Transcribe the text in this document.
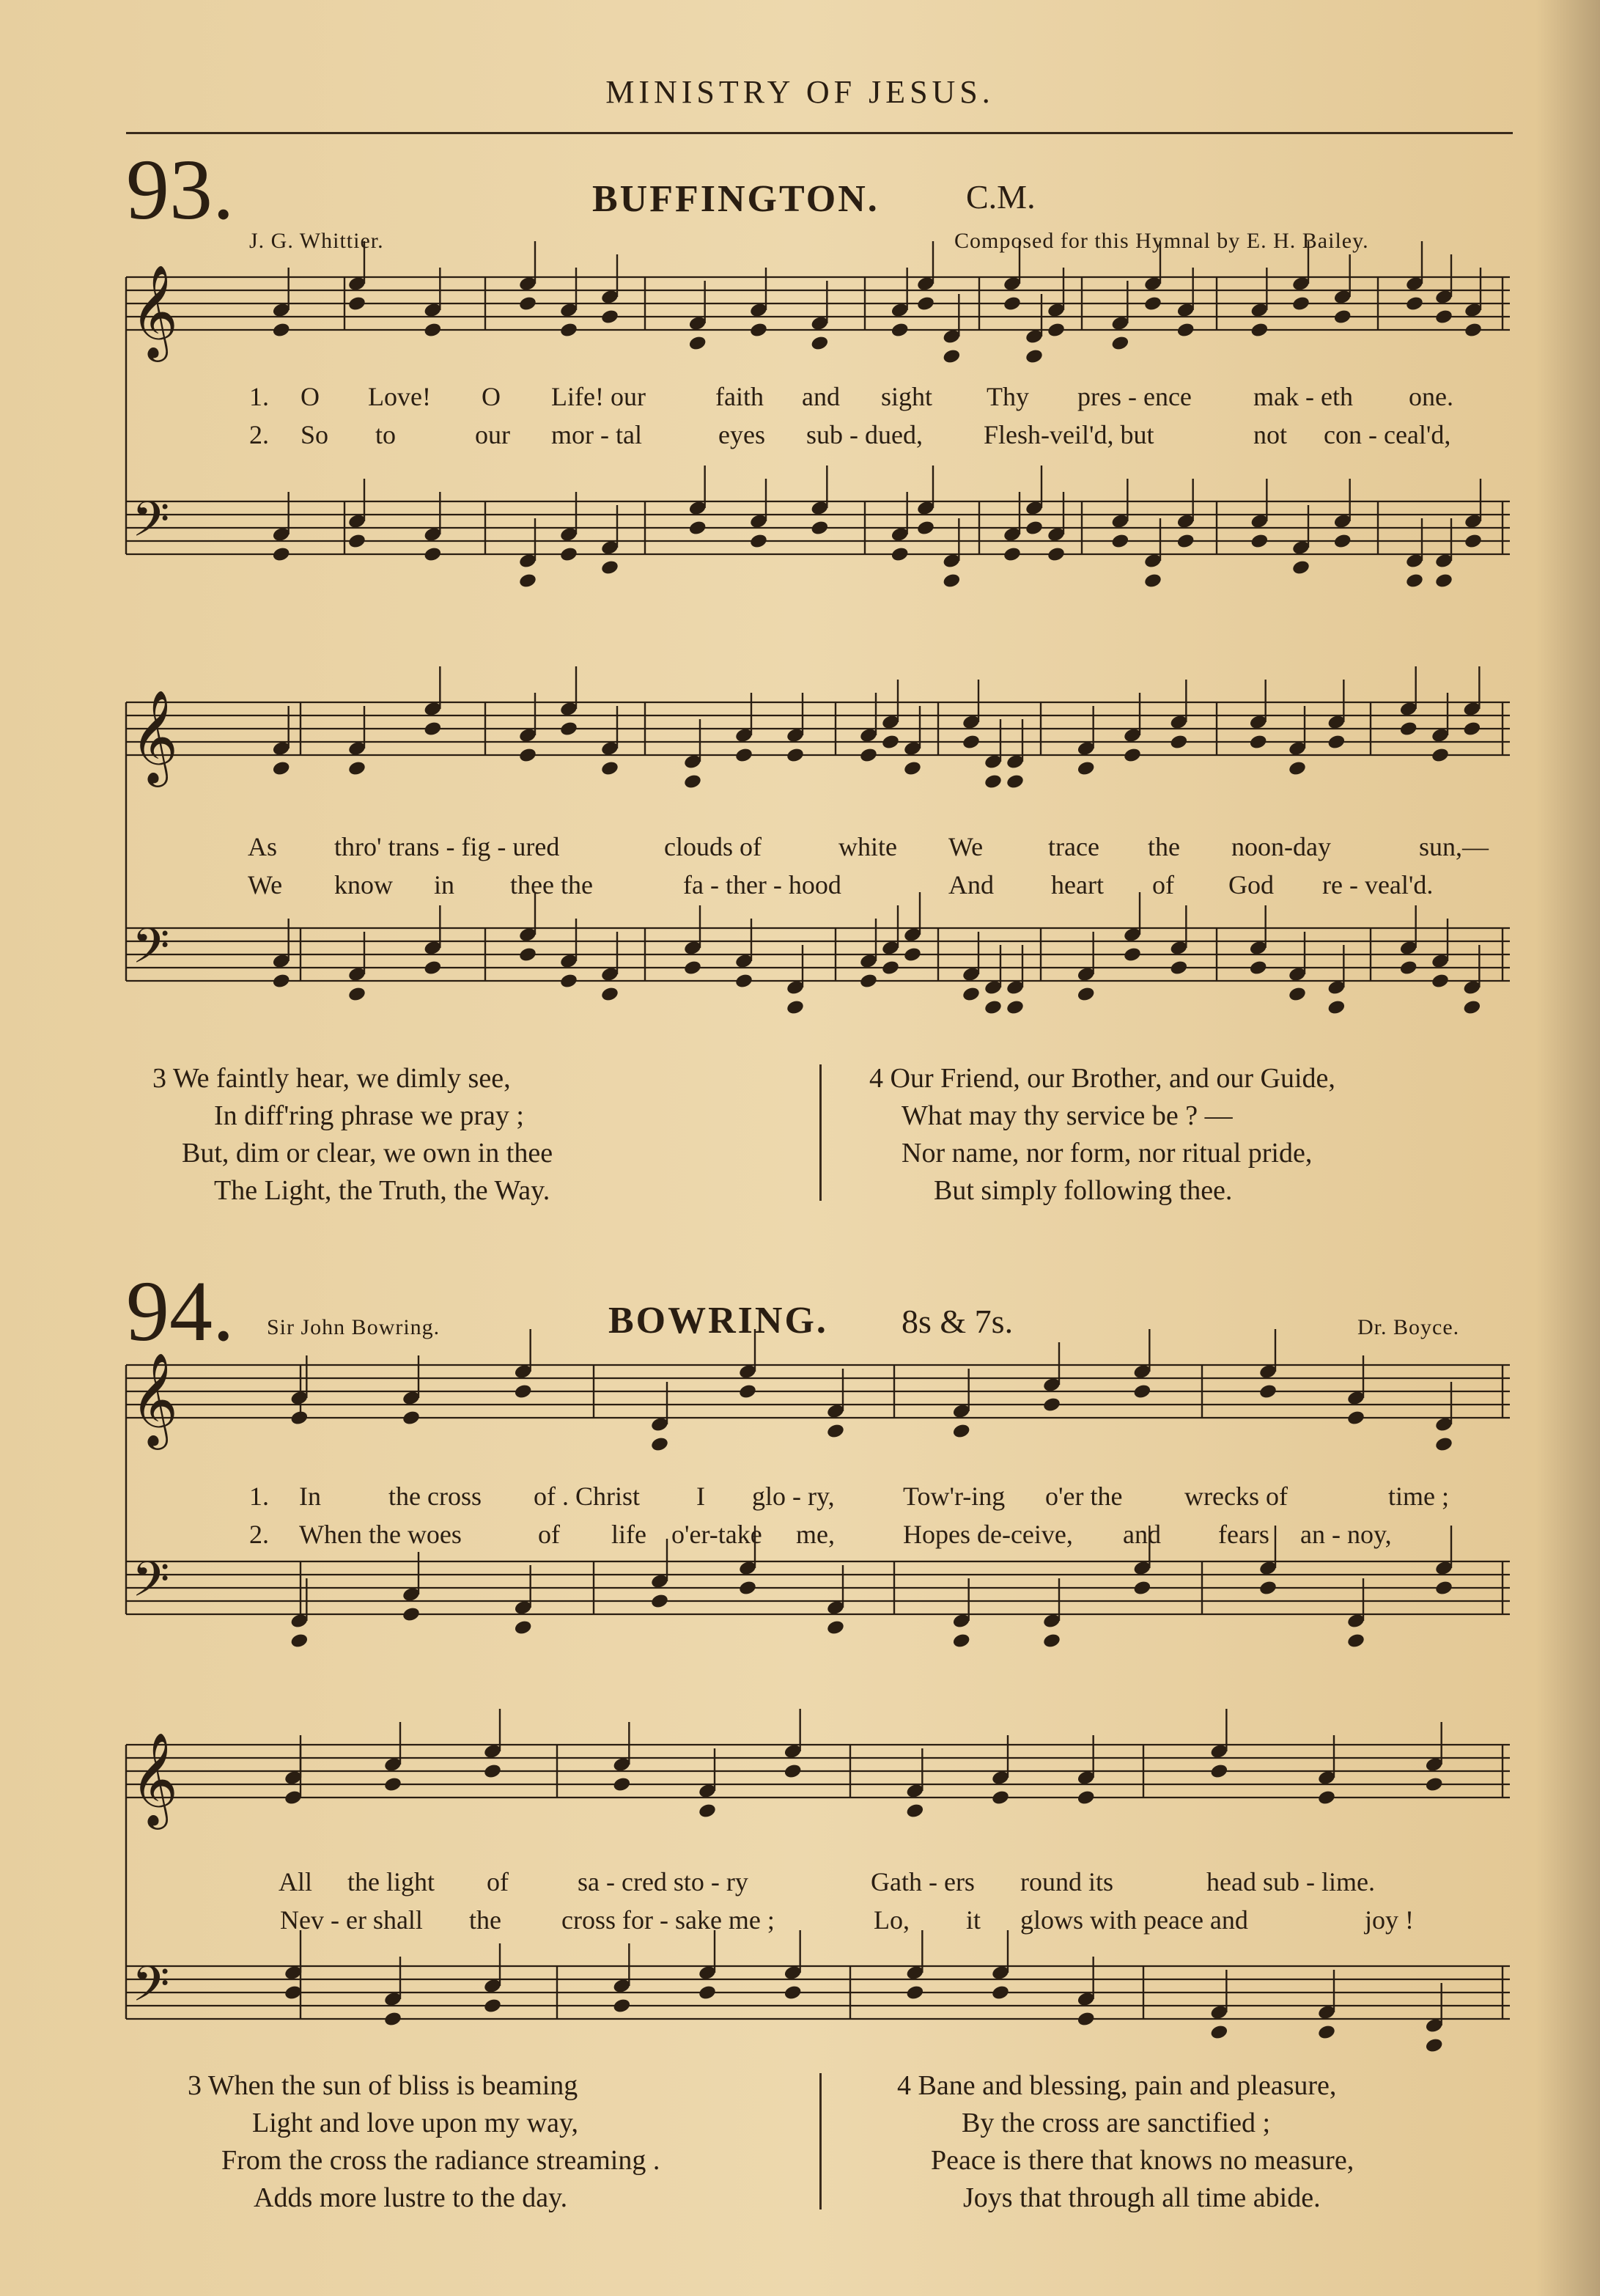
MINISTRY OF JESUS.
93.	BUFFINGTON.	C.M.
J. G. Whittier.	Composed for this Hymnal by E. H. Bailey.
𝄞
𝄢
𝄞
𝄢
𝄞
𝄢
𝄞
𝄢
1. O Love! O Life! our	faith and sight Thy pres - ence mak - eth one.
2. So to	our mor - tal	eyes sub - dued, Flesh-veil'd, but	not con - ceal'd,
As thro' trans - fig - ured	clouds of	white We trace the noon-day	sun,—
We know in thee the	fa - ther - hood	And heart of God re - veal'd.
3 We faintly hear, we dimly see,
In diff'ring phrase we pray ;
But, dim or clear, we own in thee
The Light, the Truth, the Way.
4 Our Friend, our Brother, and our Guide,
What may thy service be ? —
Nor name, nor form, nor ritual pride,
But simply following thee.
94. Sir John Bowring.	BOWRING. 8s & 7s.	Dr. Boyce.
1. In	the cross of . Christ I glo - ry,	Tow'r-ing o'er the wrecks of	time ;
2. When the woes	of life o'er-take me,	Hopes de-ceive, and fears an - noy,
All the light of	sa - cred sto - ry	Gath - ers round its	head sub - lime.
Nev - er shall the cross for - sake me ;	Lo, it glows with peace and	joy !
3 When the sun of bliss is beaming
Light and love upon my way,
From the cross the radiance streaming .
Adds more lustre to the day.
4 Bane and blessing, pain and pleasure,
By the cross are sanctified ;
Peace is there that knows no measure,
Joys that through all time abide.
